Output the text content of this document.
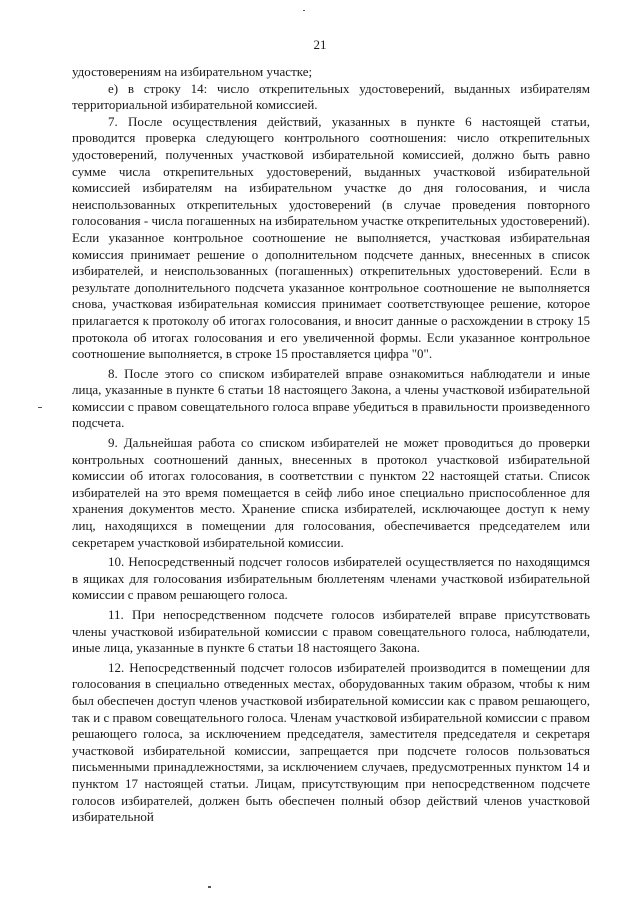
21

удостоверениям на избирательном участке;

е) в строку 14: число открепительных удостоверений, выданных избирателям территориальной избирательной комиссией.

7. После осуществления действий, указанных в пункте 6 настоящей статьи, проводится проверка следующего контрольного соотношения: число открепительных удостоверений, полученных участковой избирательной комиссией, должно быть равно сумме числа открепительных удостоверений, выданных участковой избирательной комиссией избирателям на избирательном участке до дня голосования, и числа неиспользованных открепительных удостоверений (в случае проведения повторного голосования - числа погашенных на избирательном участке открепительных удостоверений). Если указанное контрольное соотношение не выполняется, участковая избирательная комиссия принимает решение о дополнительном подсчете данных, внесенных в список избирателей, и неиспользованных (погашенных) открепительных удостоверений. Если в результате дополнительного подсчета указанное контрольное соотношение не выполняется снова, участковая избирательная комиссия принимает соответствующее решение, которое прилагается к протоколу об итогах голосования, и вносит данные о расхождении в строку 15 протокола об итогах голосования и его увеличенной формы. Если указанное контрольное соотношение выполняется, в строке 15 проставляется цифра "0".

8. После этого со списком избирателей вправе ознакомиться наблюдатели и иные лица, указанные в пункте 6 статьи 18 настоящего Закона, а члены участковой избирательной комиссии с правом совещательного голоса вправе убедиться в правильности произведенного подсчета.

9. Дальнейшая работа со списком избирателей не может проводиться до проверки контрольных соотношений данных, внесенных в протокол участковой избирательной комиссии об итогах голосования, в соответствии с пунктом 22 настоящей статьи. Список избирателей на это время помещается в сейф либо иное специально приспособленное для хранения документов место. Хранение списка избирателей, исключающее доступ к нему лиц, находящихся в помещении для голосования, обеспечивается председателем или секретарем участковой избирательной комиссии.

10. Непосредственный подсчет голосов избирателей осуществляется по находящимся в ящиках для голосования избирательным бюллетеням членами участковой избирательной комиссии с правом решающего голоса.

11. При непосредственном подсчете голосов избирателей вправе присутствовать члены участковой избирательной комиссии с правом совещательного голоса, наблюдатели, иные лица, указанные в пункте 6 статьи 18 настоящего Закона.

12. Непосредственный подсчет голосов избирателей производится в помещении для голосования в специально отведенных местах, оборудованных таким образом, чтобы к ним был обеспечен доступ членов участковой избирательной комиссии как с правом решающего, так и с правом совещательного голоса. Членам участковой избирательной комиссии с правом решающего голоса, за исключением председателя, заместителя председателя и секретаря участковой избирательной комиссии, запрещается при подсчете голосов пользоваться письменными принадлежностями, за исключением случаев, предусмотренных пунктом 14 и пунктом 17 настоящей статьи. Лицам, присутствующим при непосредственном подсчете голосов избирателей, должен быть обеспечен полный обзор действий членов участковой избирательной
